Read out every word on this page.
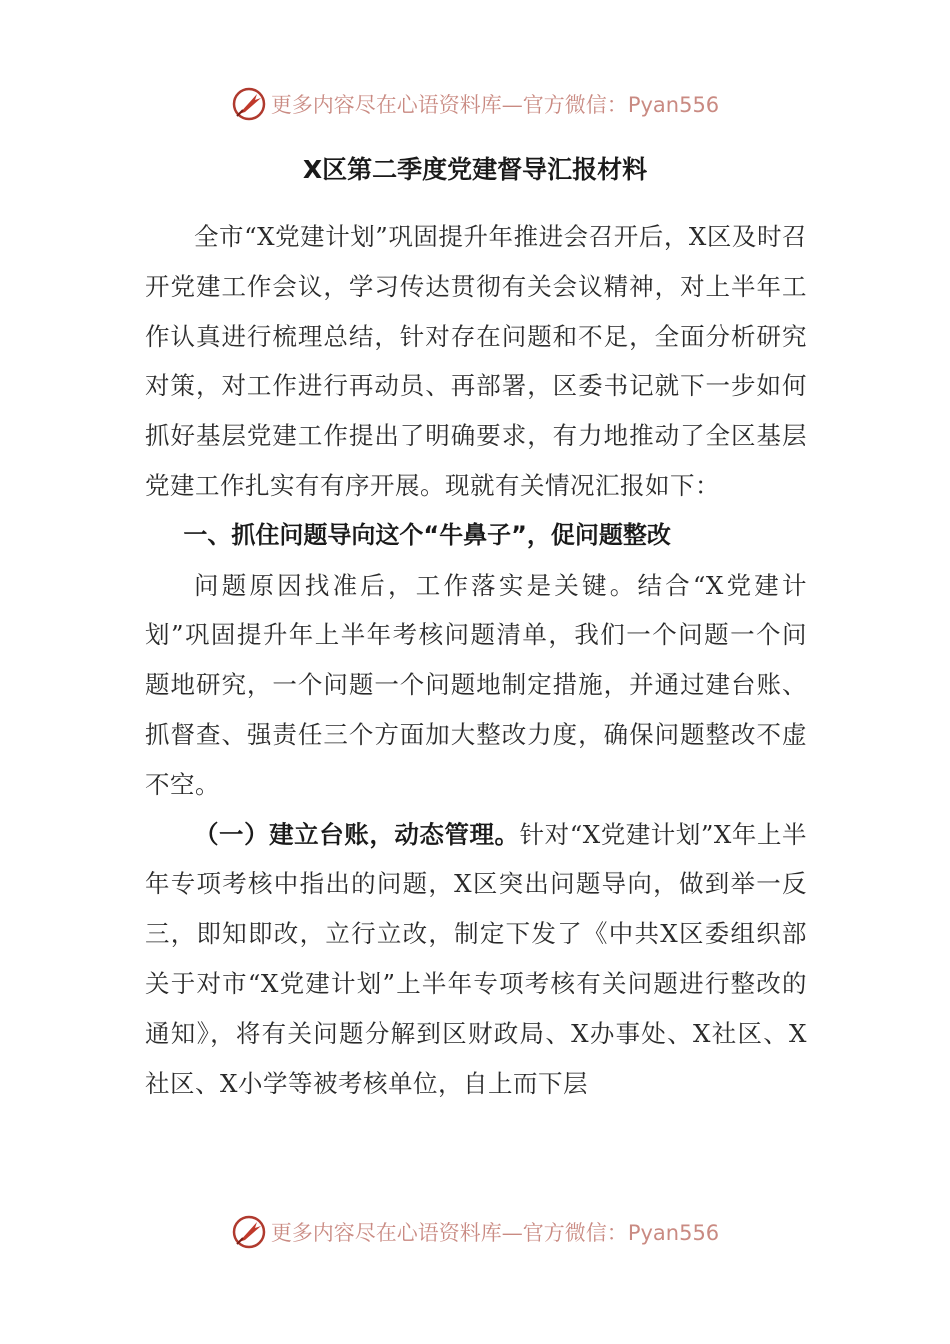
更多内容尽在心语资料库—官方微信：Pyan556
X区第二季度党建督导汇报材料

全市“X党建计划”巩固提升年推进会召开后，X区及时召开党建工作会议，学习传达贯彻有关会议精神，对上半年工作认真进行梳理总结，针对存在问题和不足，全面分析研究对策，对工作进行再动员、再部署，区委书记就下一步如何抓好基层党建工作提出了明确要求，有力地推动了全区基层党建工作扎实有有序开展。现就有关情况汇报如下：

一、抓住问题导向这个“牛鼻子”，促问题整改

问题原因找准后，工作落实是关键。结合“X党建计划”巩固提升年上半年考核问题清单，我们一个问题一个问题地研究，一个问题一个问题地制定措施，并通过建台账、抓督查、强责任三个方面加大整改力度，确保问题整改不虚不空。

（一）建立台账，动态管理。针对“X党建计划”X年上半年专项考核中指出的问题，X区突出问题导向，做到举一反三，即知即改，立行立改，制定下发了《中共X区委组织部关于对市“X党建计划”上半年专项考核有关问题进行整改的通知》，将有关问题分解到区财政局、X办事处、X社区、X社区、X小学等被考核单位，自上而下层

更多内容尽在心语资料库—官方微信：Pyan556
